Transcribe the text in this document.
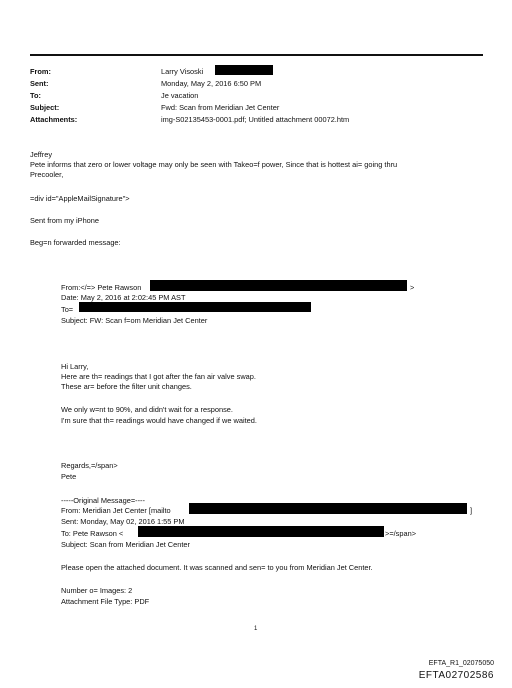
From:	Larry Visoski
Sent:	Monday, May 2, 2016 6:50 PM
To:	Je vacation
Subject:	Fwd: Scan from Meridian Jet Center
Attachments:	img-S02135453-0001.pdf; Untitled attachment 00072.htm
Jeffrey
Pete informs that zero or lower voltage may only be seen with Takeo=f power, Since that is hottest ai= going thru
Precooler,
=div id="AppleMailSignature">
Sent from my iPhone
Beg=n forwarded message:
From:</=> Pete Rawson	>
Date: May 2, 2016 at 2:02:45 PM AST
To=
Subject: FW: Scan f=om Meridian Jet Center
Hi Larry,
Here are th= readings that I got after the fan air valve swap.
These ar= before the filter unit changes.
We only w=nt to 90%, and didn't wait for a response.
I'm sure that th= readings would have changed if we waited.
Regards,=/span>
Pete
-----Original Message=----
From: Meridian Jet Center [mailto	]
Sent: Monday, May 02, 2016 1:55 PM
To: Pete Rawson <	>=/span>
Subject: Scan from Meridian Jet Center
Please open the attached document. It was scanned and sen= to you from Meridian Jet Center.
Number o= Images: 2
Attachment File Type: PDF
1
EFTA_R1_02075050
EFTA02702586
